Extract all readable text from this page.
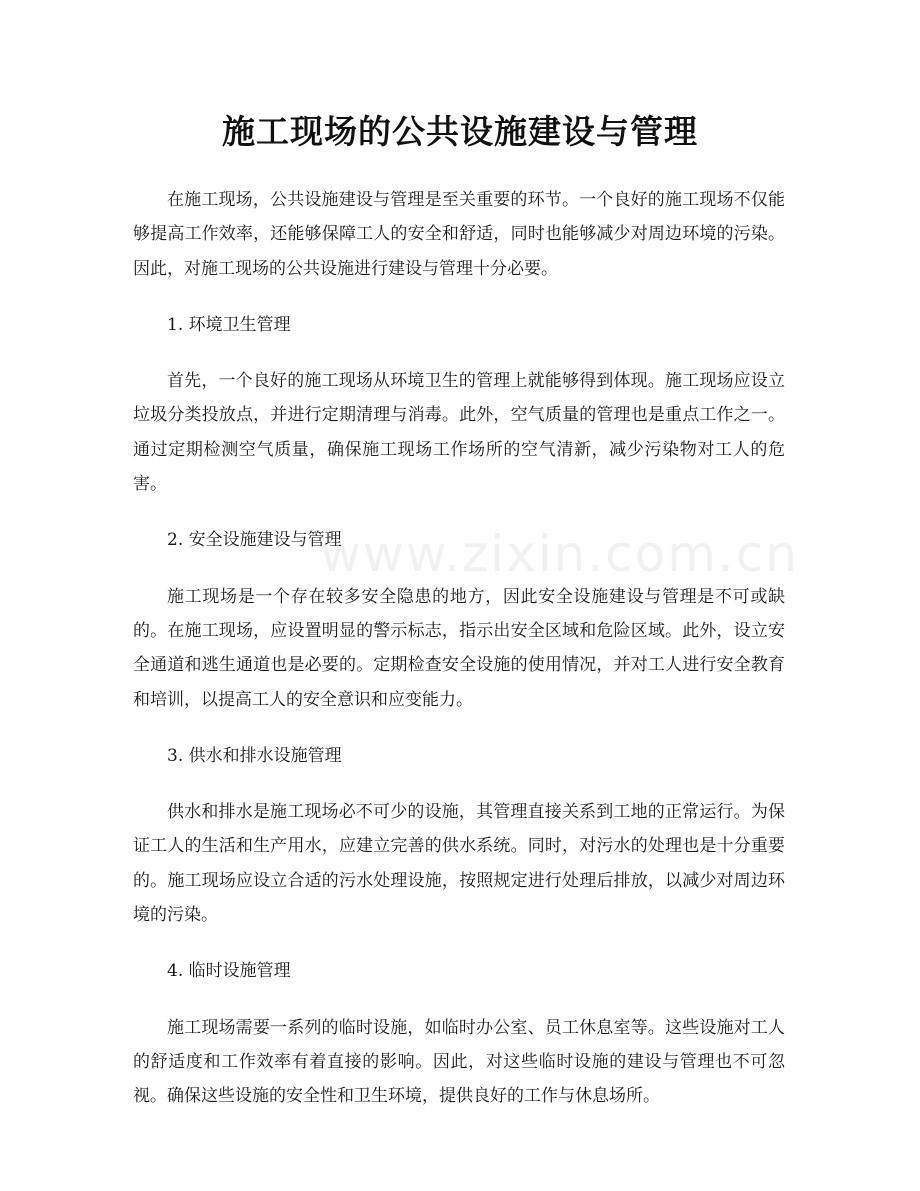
施工现场的公共设施建设与管理

在施工现场，公共设施建设与管理是至关重要的环节。一个良好的施工现场不仅能够提高工作效率，还能够保障工人的安全和舒适，同时也能够减少对周边环境的污染。因此，对施工现场的公共设施进行建设与管理十分必要。

1. 环境卫生管理

首先，一个良好的施工现场从环境卫生的管理上就能够得到体现。施工现场应设立垃圾分类投放点，并进行定期清理与消毒。此外，空气质量的管理也是重点工作之一。通过定期检测空气质量，确保施工现场工作场所的空气清新，减少污染物对工人的危害。

2. 安全设施建设与管理

施工现场是一个存在较多安全隐患的地方，因此安全设施建设与管理是不可或缺的。在施工现场，应设置明显的警示标志，指示出安全区域和危险区域。此外，设立安全通道和逃生通道也是必要的。定期检查安全设施的使用情况，并对工人进行安全教育和培训，以提高工人的安全意识和应变能力。

3. 供水和排水设施管理

供水和排水是施工现场必不可少的设施，其管理直接关系到工地的正常运行。为保证工人的生活和生产用水，应建立完善的供水系统。同时，对污水的处理也是十分重要的。施工现场应设立合适的污水处理设施，按照规定进行处理后排放，以减少对周边环境的污染。

4. 临时设施管理

施工现场需要一系列的临时设施，如临时办公室、员工休息室等。这些设施对工人的舒适度和工作效率有着直接的影响。因此，对这些临时设施的建设与管理也不可忽视。确保这些设施的安全性和卫生环境，提供良好的工作与休息场所。

www.zixin.com.cn
